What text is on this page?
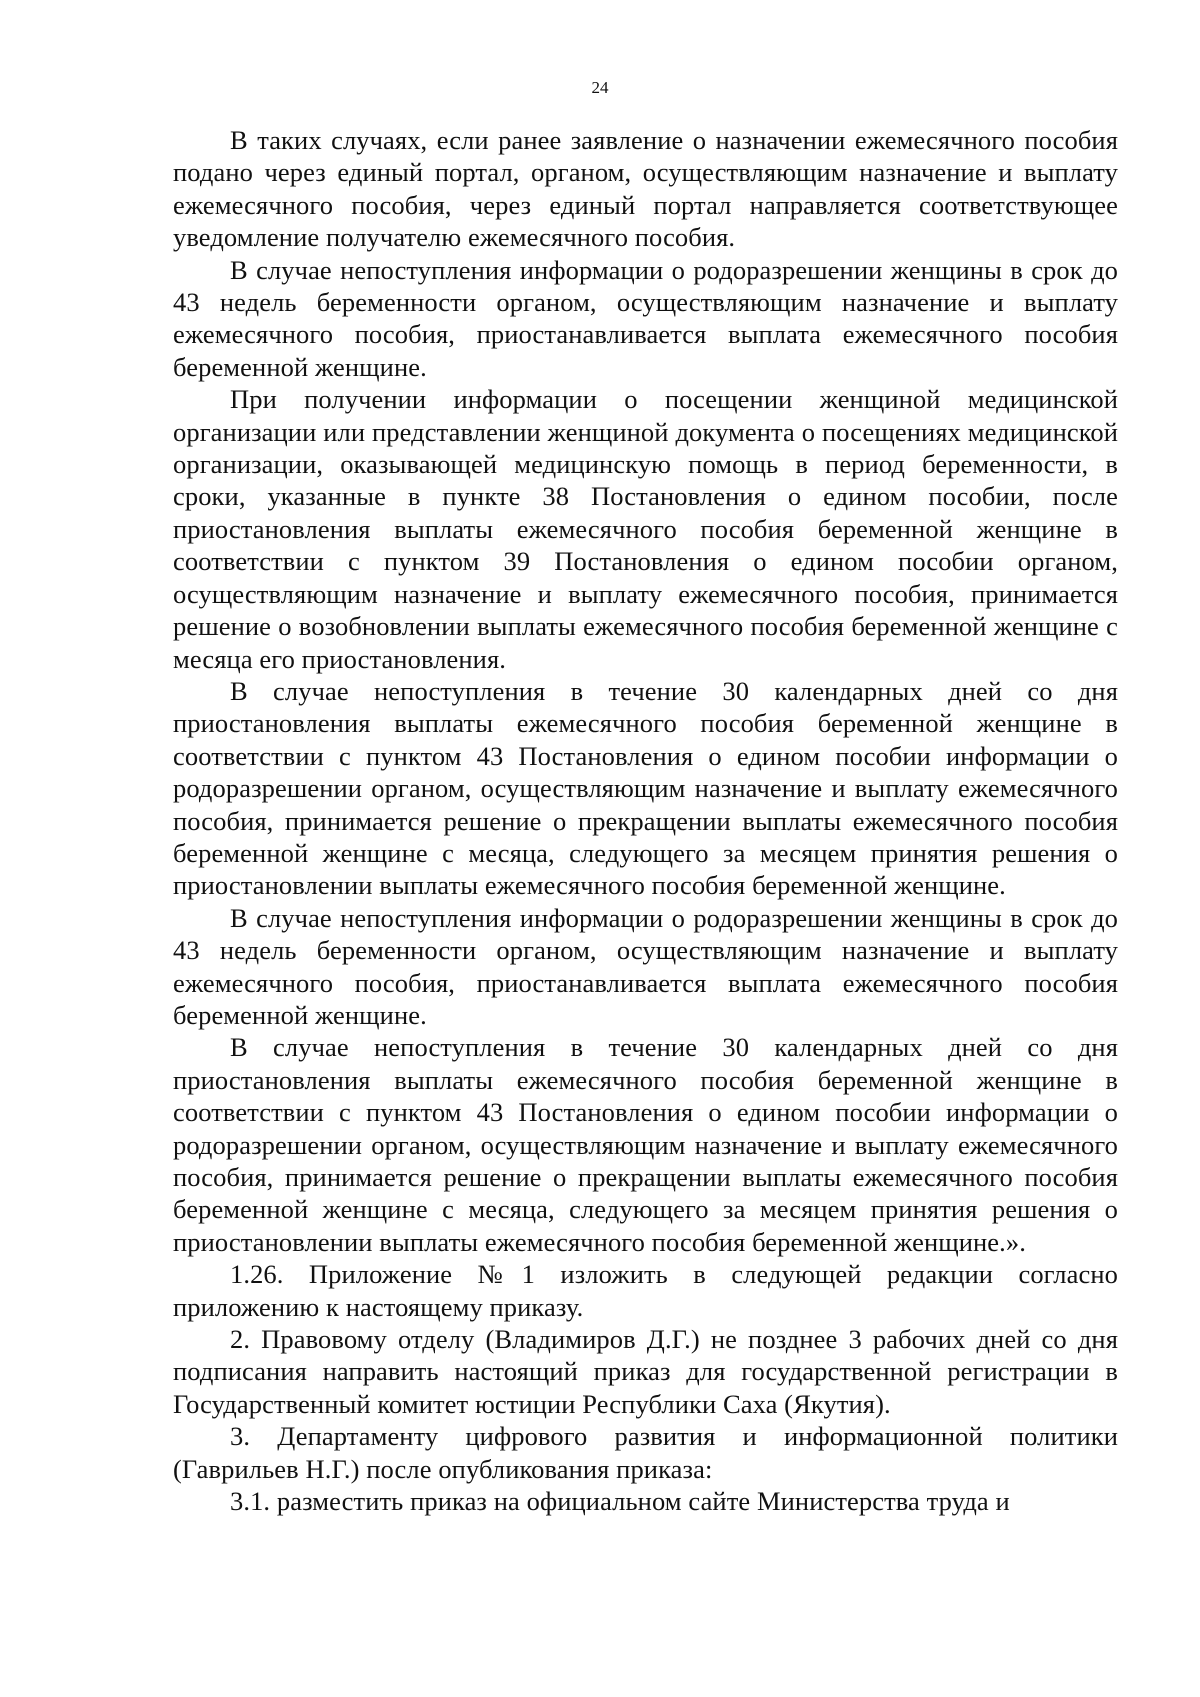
24

В таких случаях, если ранее заявление о назначении ежемесячного пособия подано через единый портал, органом, осуществляющим назначение и выплату ежемесячного пособия, через единый портал направляется соответствующее уведомление получателю ежемесячного пособия.

В случае непоступления информации о родоразрешении женщины в срок до 43 недель беременности органом, осуществляющим назначение и выплату ежемесячного пособия, приостанавливается выплата ежемесячного пособия беременной женщине.

При получении информации о посещении женщиной медицинской организации или представлении женщиной документа о посещениях медицинской организации, оказывающей медицинскую помощь в период беременности, в сроки, указанные в пункте 38 Постановления о едином пособии, после приостановления выплаты ежемесячного пособия беременной женщине в соответствии с пунктом 39 Постановления о едином пособии органом, осуществляющим назначение и выплату ежемесячного пособия, принимается решение о возобновлении выплаты ежемесячного пособия беременной женщине с месяца его приостановления.

В случае непоступления в течение 30 календарных дней со дня приостановления выплаты ежемесячного пособия беременной женщине в соответствии с пунктом 43 Постановления о едином пособии информации о родоразрешении органом, осуществляющим назначение и выплату ежемесячного пособия, принимается решение о прекращении выплаты ежемесячного пособия беременной женщине с месяца, следующего за месяцем принятия решения о приостановлении выплаты ежемесячного пособия беременной женщине.

В случае непоступления информации о родоразрешении женщины в срок до 43 недель беременности органом, осуществляющим назначение и выплату ежемесячного пособия, приостанавливается выплата ежемесячного пособия беременной женщине.

В случае непоступления в течение 30 календарных дней со дня приостановления выплаты ежемесячного пособия беременной женщине в соответствии с пунктом 43 Постановления о едином пособии информации о родоразрешении органом, осуществляющим назначение и выплату ежемесячного пособия, принимается решение о прекращении выплаты ежемесячного пособия беременной женщине с месяца, следующего за месяцем принятия решения о приостановлении выплаты ежемесячного пособия беременной женщине.».

1.26. Приложение №1 изложить в следующей редакции согласно приложению к настоящему приказу.

2. Правовому отделу (Владимиров Д.Г.) не позднее 3 рабочих дней со дня подписания направить настоящий приказ для государственной регистрации в Государственный комитет юстиции Республики Саха (Якутия).

3. Департаменту цифрового развития и информационной политики (Гаврильев Н.Г.) после опубликования приказа:

3.1. разместить приказ на официальном сайте Министерства труда и
